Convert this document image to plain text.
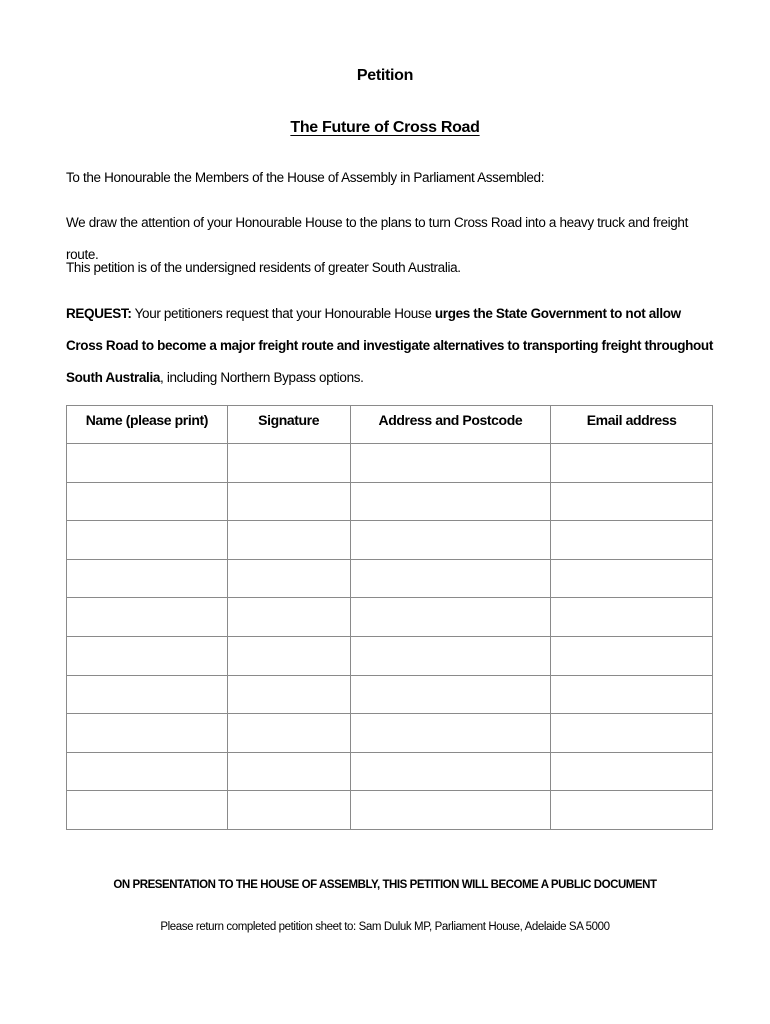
Petition
The Future of Cross Road
To the Honourable the Members of the House of Assembly in Parliament Assembled:
We draw the attention of your Honourable House to the plans to turn Cross Road into a heavy truck and freight route.
This petition is of the undersigned residents of greater South Australia.
REQUEST: Your petitioners request that your Honourable House urges the State Government to not allow Cross Road to become a major freight route and investigate alternatives to transporting freight throughout South Australia, including Northern Bypass options.
Name (please print)	Signature	Address and Postcode	Email address

ON PRESENTATION TO THE HOUSE OF ASSEMBLY, THIS PETITION WILL BECOME A PUBLIC DOCUMENT
Please return completed petition sheet to: Sam Duluk MP, Parliament House, Adelaide SA 5000
